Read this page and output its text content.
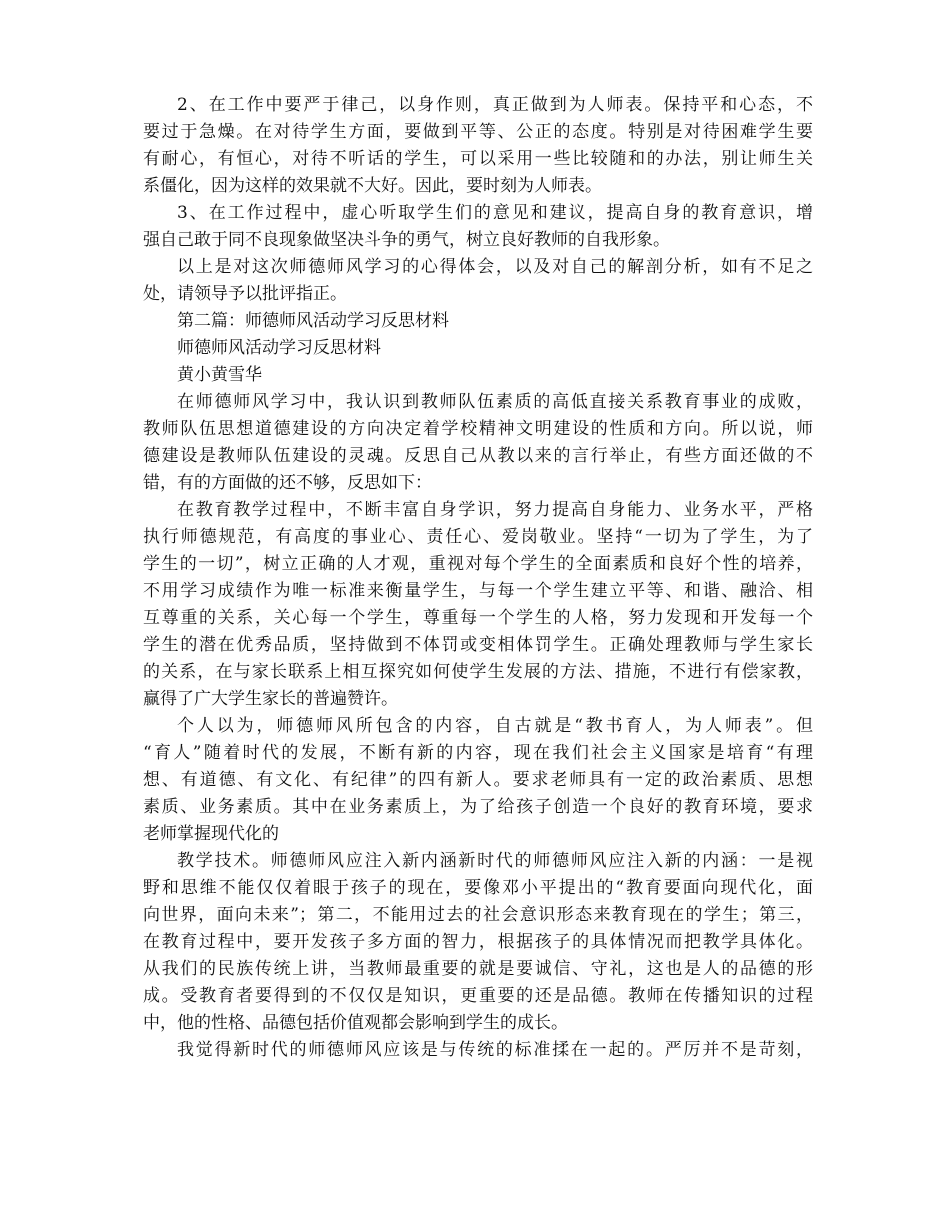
2、在工作中要严于律己，以身作则，真正做到为人师表。保持平和心态，不
要过于急燥。在对待学生方面，要做到平等、公正的态度。特别是对待困难学生要
有耐心，有恒心，对待不听话的学生，可以采用一些比较随和的办法，别让师生关
系僵化，因为这样的效果就不大好。因此，要时刻为人师表。
3、在工作过程中，虚心听取学生们的意见和建议，提高自身的教育意识，增
强自己敢于同不良现象做坚决斗争的勇气，树立良好教师的自我形象。
以上是对这次师德师风学习的心得体会，以及对自己的解剖分析，如有不足之
处，请领导予以批评指正。
第二篇：师德师风活动学习反思材料
师德师风活动学习反思材料
黄小黄雪华
在师德师风学习中，我认识到教师队伍素质的高低直接关系教育事业的成败，
教师队伍思想道德建设的方向决定着学校精神文明建设的性质和方向。所以说，师
德建设是教师队伍建设的灵魂。反思自己从教以来的言行举止，有些方面还做的不
错，有的方面做的还不够，反思如下：
在教育教学过程中，不断丰富自身学识，努力提高自身能力、业务水平，严格
执行师德规范，有高度的事业心、责任心、爱岗敬业。坚持“一切为了学生，为了
学生的一切”，树立正确的人才观，重视对每个学生的全面素质和良好个性的培养，
不用学习成绩作为唯一标准来衡量学生，与每一个学生建立平等、和谐、融洽、相
互尊重的关系，关心每一个学生，尊重每一个学生的人格，努力发现和开发每一个
学生的潜在优秀品质，坚持做到不体罚或变相体罚学生。正确处理教师与学生家长
的关系，在与家长联系上相互探究如何使学生发展的方法、措施，不进行有偿家教，
赢得了广大学生家长的普遍赞许。
个人以为，师德师风所包含的内容，自古就是“教书育人，为人师表”。但
“育人”随着时代的发展，不断有新的内容，现在我们社会主义国家是培育“有理
想、有道德、有文化、有纪律”的四有新人。要求老师具有一定的政治素质、思想
素质、业务素质。其中在业务素质上，为了给孩子创造一个良好的教育环境，要求
老师掌握现代化的
教学技术。师德师风应注入新内涵新时代的师德师风应注入新的内涵：一是视
野和思维不能仅仅着眼于孩子的现在，要像邓小平提出的“教育要面向现代化，面
向世界，面向未来”；第二，不能用过去的社会意识形态来教育现在的学生；第三，
在教育过程中，要开发孩子多方面的智力，根据孩子的具体情况而把教学具体化。
从我们的民族传统上讲，当教师最重要的就是要诚信、守礼，这也是人的品德的形
成。受教育者要得到的不仅仅是知识，更重要的还是品德。教师在传播知识的过程
中，他的性格、品德包括价值观都会影响到学生的成长。
我觉得新时代的师德师风应该是与传统的标准揉在一起的。严厉并不是苛刻，
